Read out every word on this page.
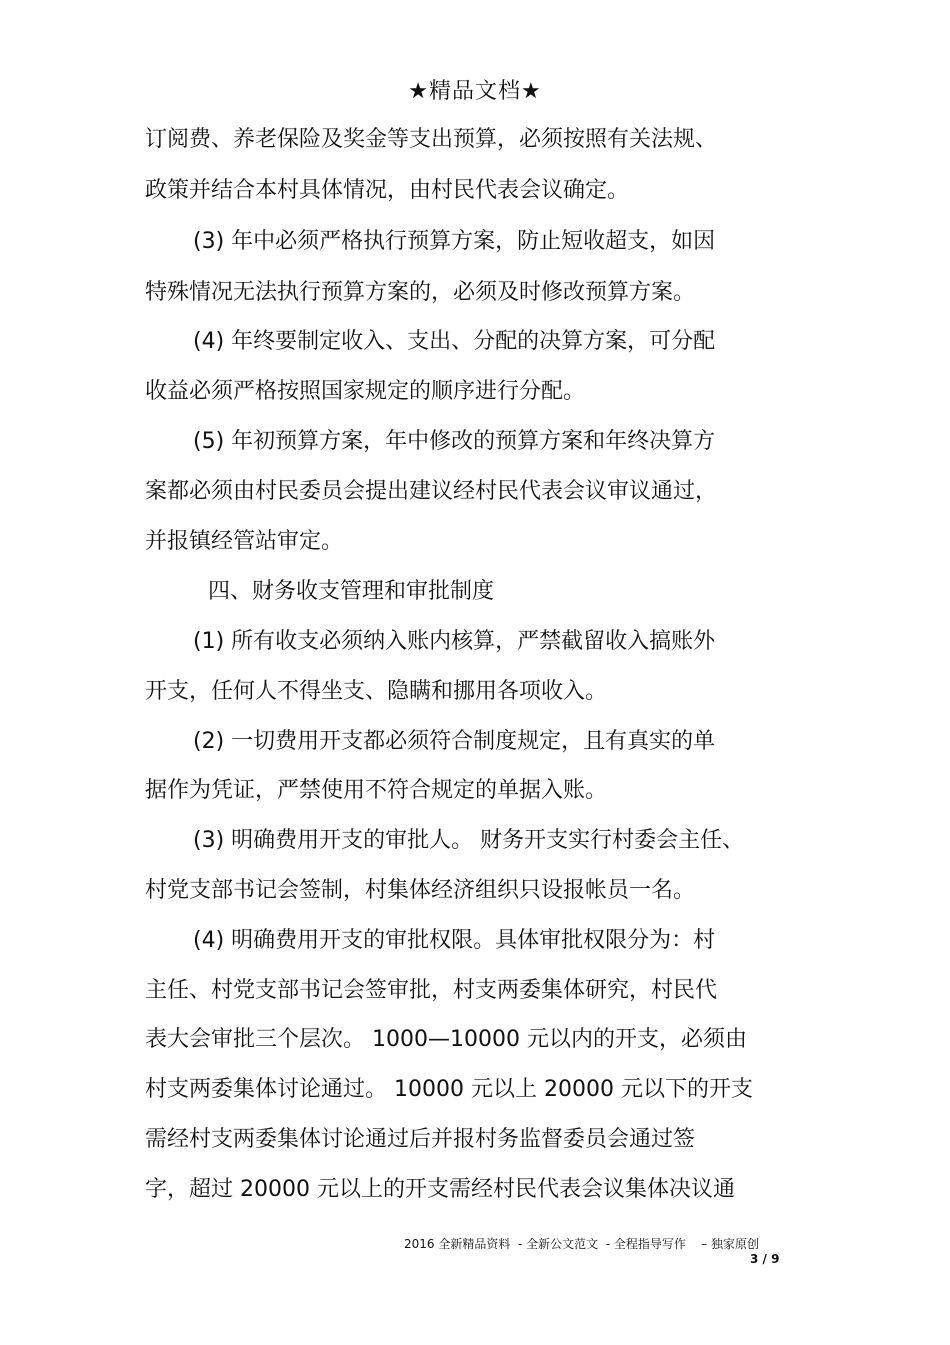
★精品文档★
订阅费、养老保险及奖金等支出预算，必须按照有关法规、
政策并结合本村具体情况，由村民代表会议确定。
(3) 年中必须严格执行预算方案，防止短收超支，如因
特殊情况无法执行预算方案的，必须及时修改预算方案。
(4) 年终要制定收入、支出、分配的决算方案，可分配
收益必须严格按照国家规定的顺序进行分配。
(5) 年初预算方案，年中修改的预算方案和年终决算方
案都必须由村民委员会提出建议经村民代表会议审议通过，
并报镇经管站审定。
四、财务收支管理和审批制度
(1) 所有收支必须纳入账内核算，严禁截留收入搞账外
开支，任何人不得坐支、隐瞒和挪用各项收入。
(2) 一切费用开支都必须符合制度规定，且有真实的单
据作为凭证，严禁使用不符合规定的单据入账。
(3) 明确费用开支的审批人。 财务开支实行村委会主任、
村党支部书记会签制，村集体经济组织只设报帐员一名。
(4) 明确费用开支的审批权限。具体审批权限分为：村
主任、村党支部书记会签审批，村支两委集体研究，村民代
表大会审批三个层次。 1000—10000 元以内的开支，必须由
村支两委集体讨论通过。 10000 元以上 20000 元以下的开支
需经村支两委集体讨论通过后并报村务监督委员会通过签
字，超过 20000 元以上的开支需经村民代表会议集体决议通
2016 全新精品资料  - 全新公文范文  - 全程指导写作    – 独家原创
3 / 9
